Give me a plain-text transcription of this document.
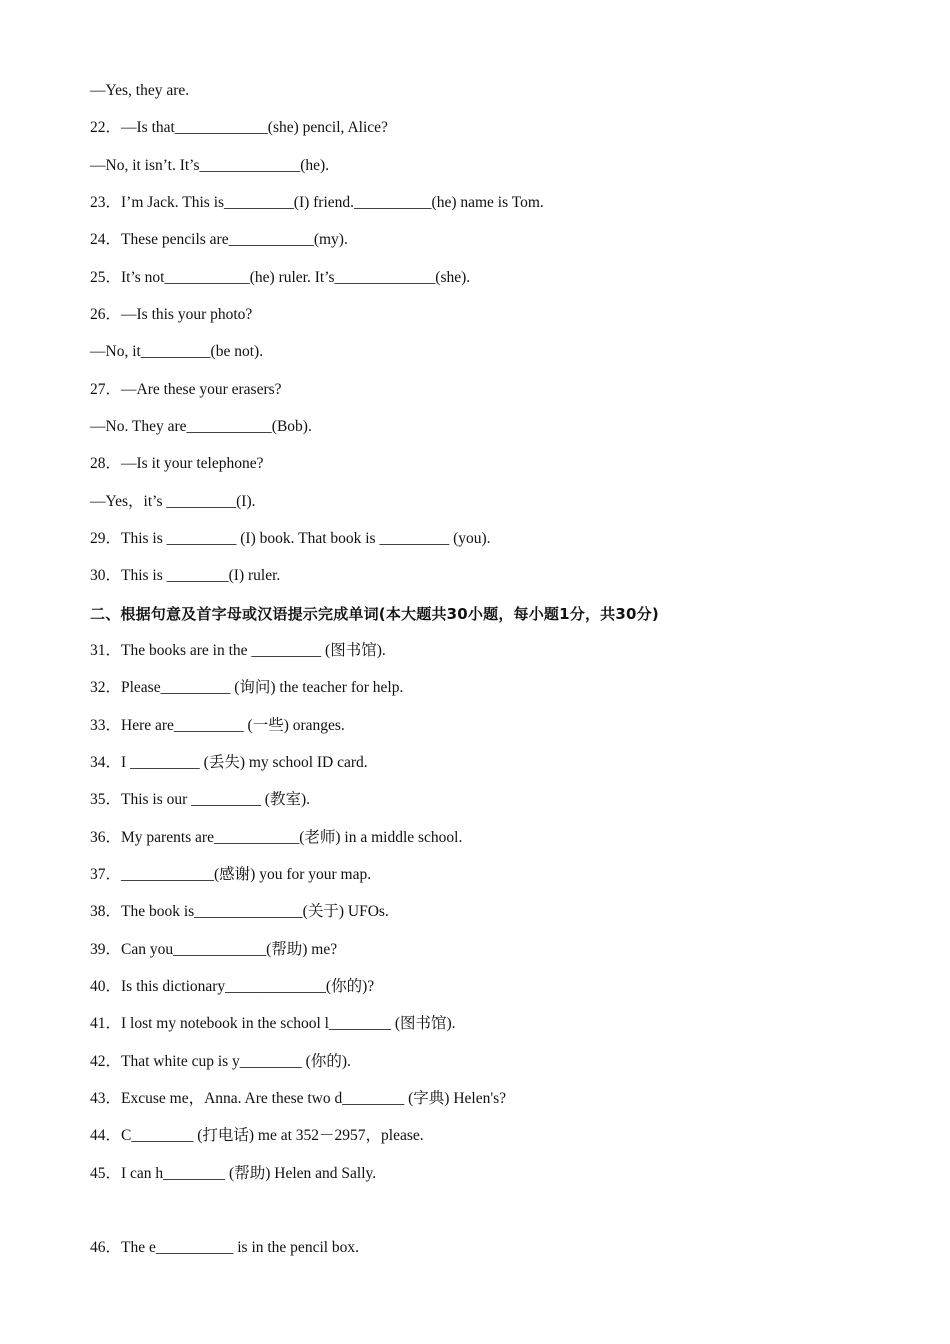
—Yes, they are.
22．—Is that____________(she) pencil, Alice?
—No, it isn’t. It’s_____________(he).
23．I’m Jack. This is_________(I) friend.__________(he) name is Tom.
24．These pencils are___________(my).
25．It’s not___________(he) ruler. It’s_____________(she).
26．—Is this your photo?
—No, it_________(be not).
27．—Are these your erasers?
—No. They are___________(Bob).
28．—Is it your telephone?
—Yes，it’s _________(I).
29．This is _________ (I) book. That book is _________ (you).
30．This is ________(I) ruler.
二、根据句意及首字母或汉语提示完成单词(本大题共30小题，每小题1分，共30分)
31．The books are in the _________ (图书馆).
32．Please_________ (询问) the teacher for help.
33．Here are_________ (一些) oranges.
34．I _________ (丢失) my school ID card.
35．This is our _________ (教室).
36．My parents are___________(老师) in a middle school.
37．____________(感谢) you for your map.
38．The book is______________(关于) UFOs.
39．Can you____________(帮助) me?
40．Is this dictionary_____________(你的)?
41．I lost my notebook in the school l________ (图书馆).
42．That white cup is y________ (你的).
43．Excuse me，Anna. Are these two d________ (字典) Helen's?
44．C________ (打电话) me at 352－2957，please.
45．I can h________ (帮助) Helen and Sally.
46．The e__________ is in the pencil box.
